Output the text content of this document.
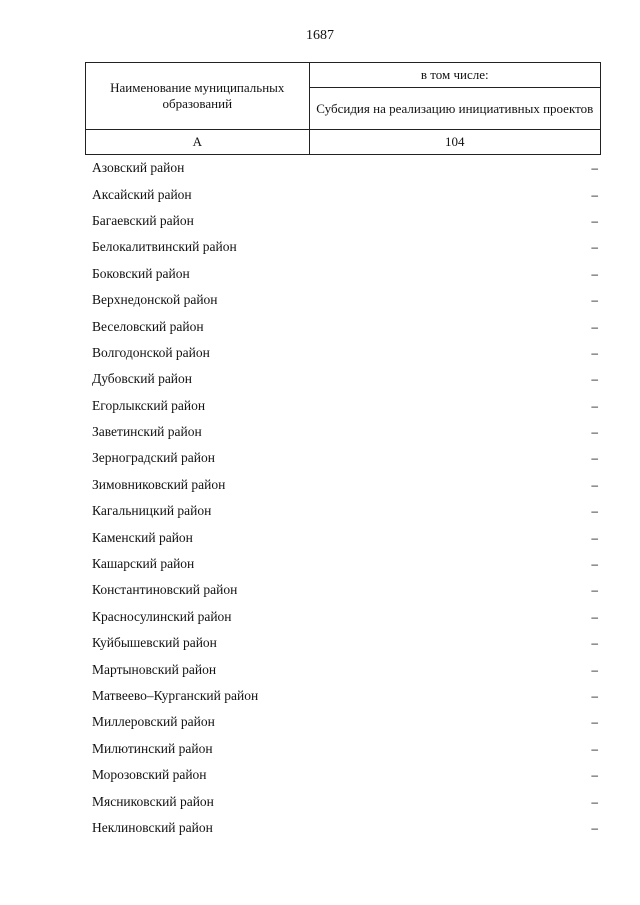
1687
Наименование муниципальных образований	в том числе:
	Субсидия на реализацию инициативных проектов
А	104
Азовский район	–
Аксайский район	–
Багаевский район	–
Белокалитвинский район	–
Боковский район	–
Верхнедонской район	–
Веселовский район	–
Волгодонской район	–
Дубовский район	–
Егорлыкский район	–
Заветинский район	–
Зерноградский район	–
Зимовниковский район	–
Кагальницкий район	–
Каменский район	–
Кашарский район	–
Константиновский район	–
Красносулинский район	–
Куйбышевский район	–
Мартыновский район	–
Матвеево–Курганский район	–
Миллеровский район	–
Милютинский район	–
Морозовский район	–
Мясниковский район	–
Неклиновский район	–
